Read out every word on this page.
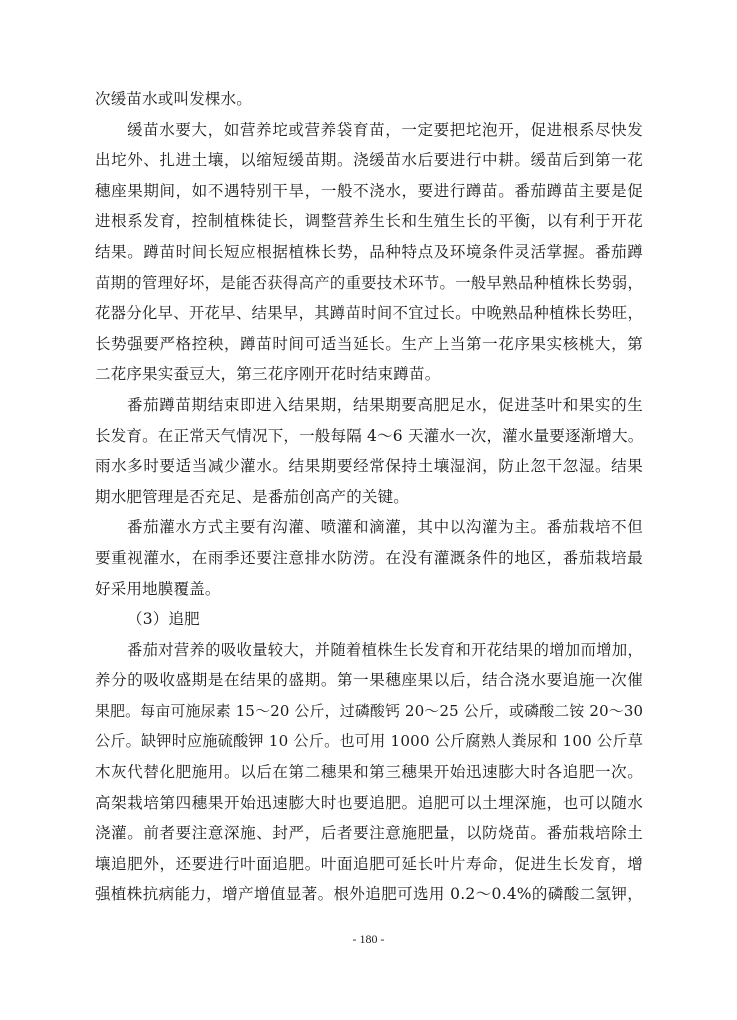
次缓苗水或叫发棵水。
缓苗水要大，如营养坨或营养袋育苗，一定要把坨泡开，促进根系尽快发
出坨外、扎进土壤，以缩短缓苗期。浇缓苗水后要进行中耕。缓苗后到第一花
穗座果期间，如不遇特别干旱，一般不浇水，要进行蹲苗。番茄蹲苗主要是促
进根系发育，控制植株徒长，调整营养生长和生殖生长的平衡，以有利于开花
结果。蹲苗时间长短应根据植株长势，品种特点及环境条件灵活掌握。番茄蹲
苗期的管理好坏，是能否获得高产的重要技术环节。一般早熟品种植株长势弱，
花器分化早、开花早、结果早，其蹲苗时间不宜过长。中晚熟品种植株长势旺，
长势强要严格控秧，蹲苗时间可适当延长。生产上当第一花序果实核桃大，第
二花序果实蚕豆大，第三花序刚开花时结束蹲苗。
番茄蹲苗期结束即进入结果期，结果期要高肥足水，促进茎叶和果实的生
长发育。在正常天气情况下，一般每隔 4～6 天灌水一次，灌水量要逐渐增大。
雨水多时要适当减少灌水。结果期要经常保持土壤湿润，防止忽干忽湿。结果
期水肥管理是否充足、是番茄创高产的关键。
番茄灌水方式主要有沟灌、喷灌和滴灌，其中以沟灌为主。番茄栽培不但
要重视灌水，在雨季还要注意排水防涝。在没有灌溉条件的地区，番茄栽培最
好采用地膜覆盖。
（3）追肥
番茄对营养的吸收量较大，并随着植株生长发育和开花结果的增加而增加，
养分的吸收盛期是在结果的盛期。第一果穗座果以后，结合浇水要追施一次催
果肥。每亩可施尿素 15～20 公斤，过磷酸钙 20～25 公斤，或磷酸二铵 20～30
公斤。缺钾时应施硫酸钾 10 公斤。也可用 1000 公斤腐熟人粪尿和 100 公斤草
木灰代替化肥施用。以后在第二穗果和第三穗果开始迅速膨大时各追肥一次。
高架栽培第四穗果开始迅速膨大时也要追肥。追肥可以土埋深施，也可以随水
浇灌。前者要注意深施、封严，后者要注意施肥量，以防烧苗。番茄栽培除土
壤追肥外，还要进行叶面追肥。叶面追肥可延长叶片寿命，促进生长发育，增
强植株抗病能力，增产增值显著。根外追肥可选用 0.2～0.4%的磷酸二氢钾，
- 180 -
